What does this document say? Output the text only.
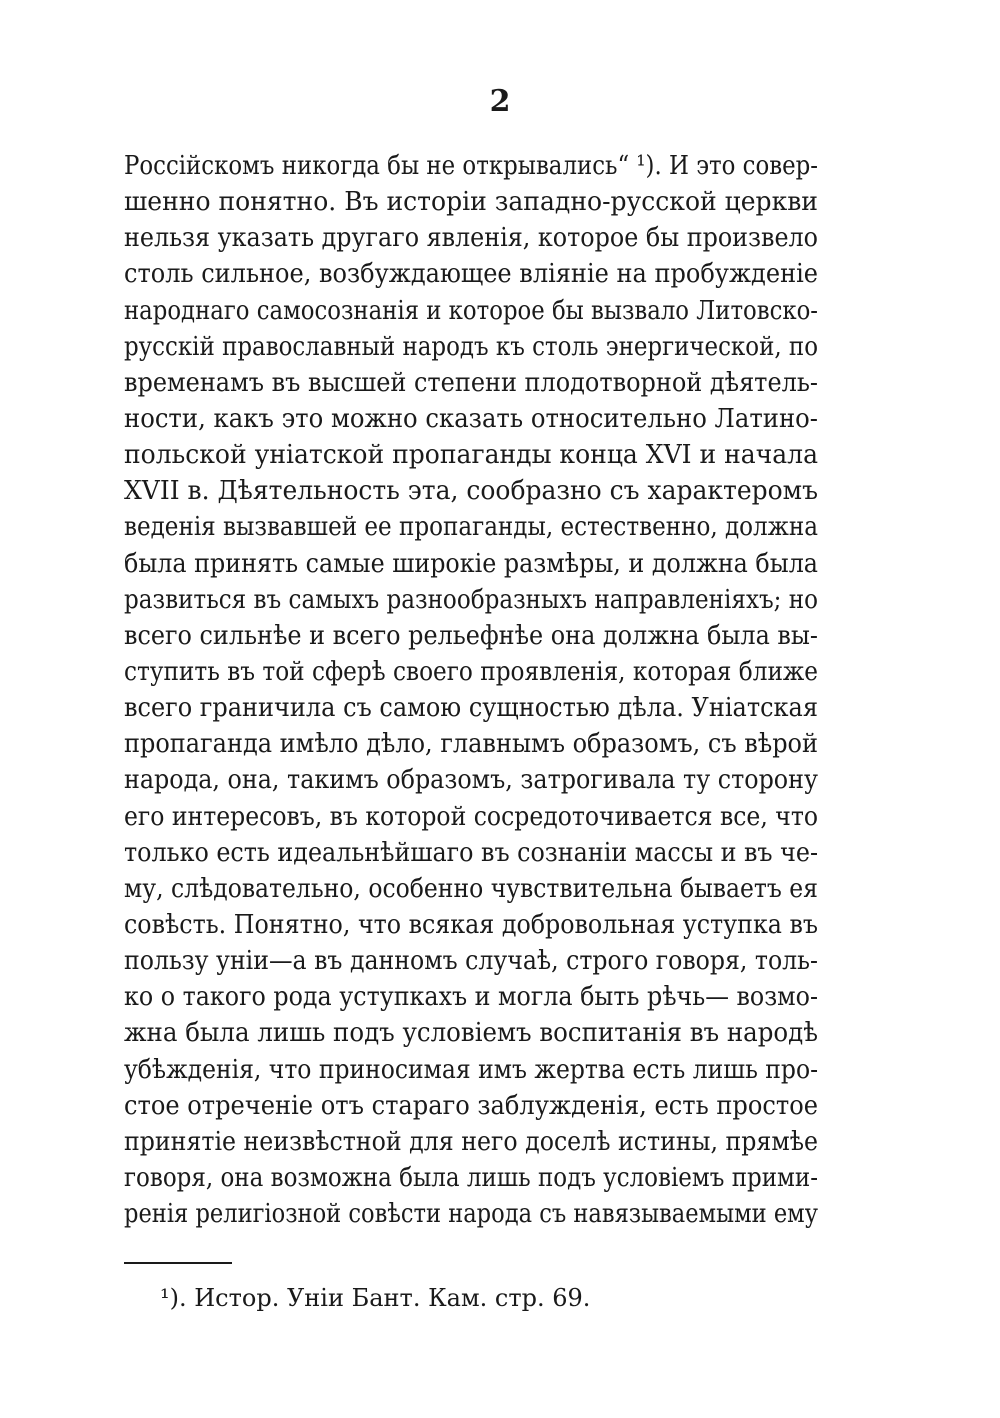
2
Россійскомъ никогда бы не открывались“ ¹). И это совер-
шенно понятно. Въ исторіи западно-русской церкви
нельзя указать другаго явленія, которое бы произвело
столь сильное, возбуждающее вліяніе на пробужденіе
народнаго самосознанія и которое бы вызвало Литовско-
русскій православный народъ къ столь энергической, по
временамъ въ высшей степени плодотворной дѣятель-
ности, какъ это можно сказать относительно Латино-
польской уніатской пропаганды конца XVI и начала
XVII в. Дѣятельность эта, сообразно съ характеромъ
веденія вызвавшей ее пропаганды, естественно, должна
была принять самые широкіе размѣры, и должна была
развиться въ самыхъ разнообразныхъ направленіяхъ; но
всего сильнѣе и всего рельефнѣе она должна была вы-
ступить въ той сферѣ своего проявленія, которая ближе
всего граничила съ самою сущностью дѣла. Уніатская
пропаганда имѣло дѣло, главнымъ образомъ, съ вѣрой
народа, она, такимъ образомъ, затрогивала ту сторону
его интересовъ, въ которой сосредоточивается все, что
только есть идеальнѣйшаго въ сознаніи массы и въ че-
му, слѣдовательно, особенно чувствительна бываетъ ея
совѣсть. Понятно, что всякая добровольная уступка въ
пользу уніи—а въ данномъ случаѣ, строго говоря, толь-
ко о такого рода уступкахъ и могла быть рѣчь— возмо-
жна была лишь подъ условіемъ воспитанія въ народѣ
убѣжденія, что приносимая имъ жертва есть лишь про-
стое отреченіе отъ стараго заблужденія, есть простое
принятіе неизвѣстной для него доселѣ истины, прямѣе
говоря, она возможна была лишь подъ условіемъ прими-
ренія религіозной совѣсти народа съ навязываемыми ему
¹). Истор. Уніи Бант. Кам. стр. 69.
